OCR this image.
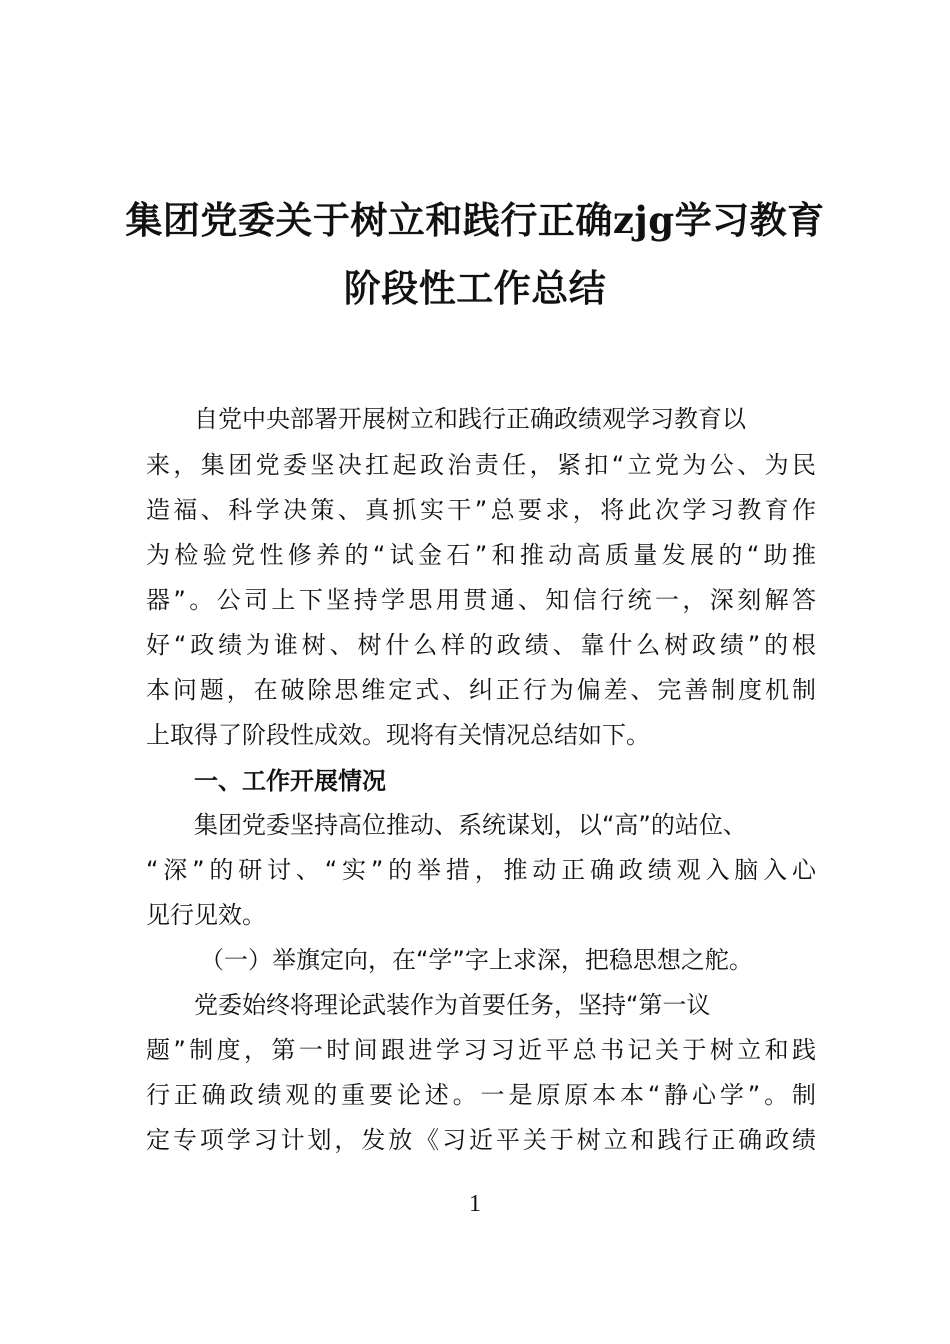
集团党委关于树立和践行正确zjg学习教育
阶段性工作总结
自党中央部署开展树立和践行正确政绩观学习教育以
来，集团党委坚决扛起政治责任，紧扣“立党为公、为民
造福、科学决策、真抓实干”总要求，将此次学习教育作
为检验党性修养的“试金石”和推动高质量发展的“助推
器”。公司上下坚持学思用贯通、知信行统一，深刻解答
好“政绩为谁树、树什么样的政绩、靠什么树政绩”的根
本问题，在破除思维定式、纠正行为偏差、完善制度机制
上取得了阶段性成效。现将有关情况总结如下。
一、工作开展情况
集团党委坚持高位推动、系统谋划，以“高”的站位、
“深”的研讨、“实”的举措，推动正确政绩观入脑入心
见行见效。
（一）举旗定向，在“学”字上求深，把稳思想之舵。
党委始终将理论武装作为首要任务，坚持“第一议
题”制度，第一时间跟进学习习近平总书记关于树立和践
行正确政绩观的重要论述。一是原原本本“静心学”。制
定专项学习计划，发放《习近平关于树立和践行正确政绩
1
